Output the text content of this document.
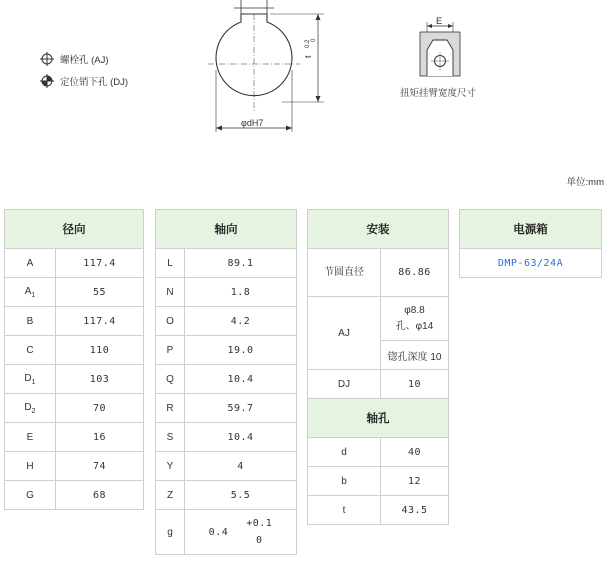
螺栓孔 (AJ)
定位销下孔 (DJ)
t
0.2 0
φdH7
E
扭矩挂臂宽度尺寸
单位:mm
径向	
A	117.4
$A_1$	55
B	117.4
C	110
$D_1$	103
$D_2$	70
E	16
H	74
G	68
轴向	
L	89.1
N	1.8
O	4.2
P	19.0
Q	10.4
R	59.7
S	10.4
Y	4
Z	5.5
g	0.4
+0.1
0
安装	
节圆直径	86.86
AJ	φ8.8孔、φ14
	锪孔深度 10
DJ	10
轴孔	
d	40
b	12
t	43.5
电源箱
DMP-63/24A
